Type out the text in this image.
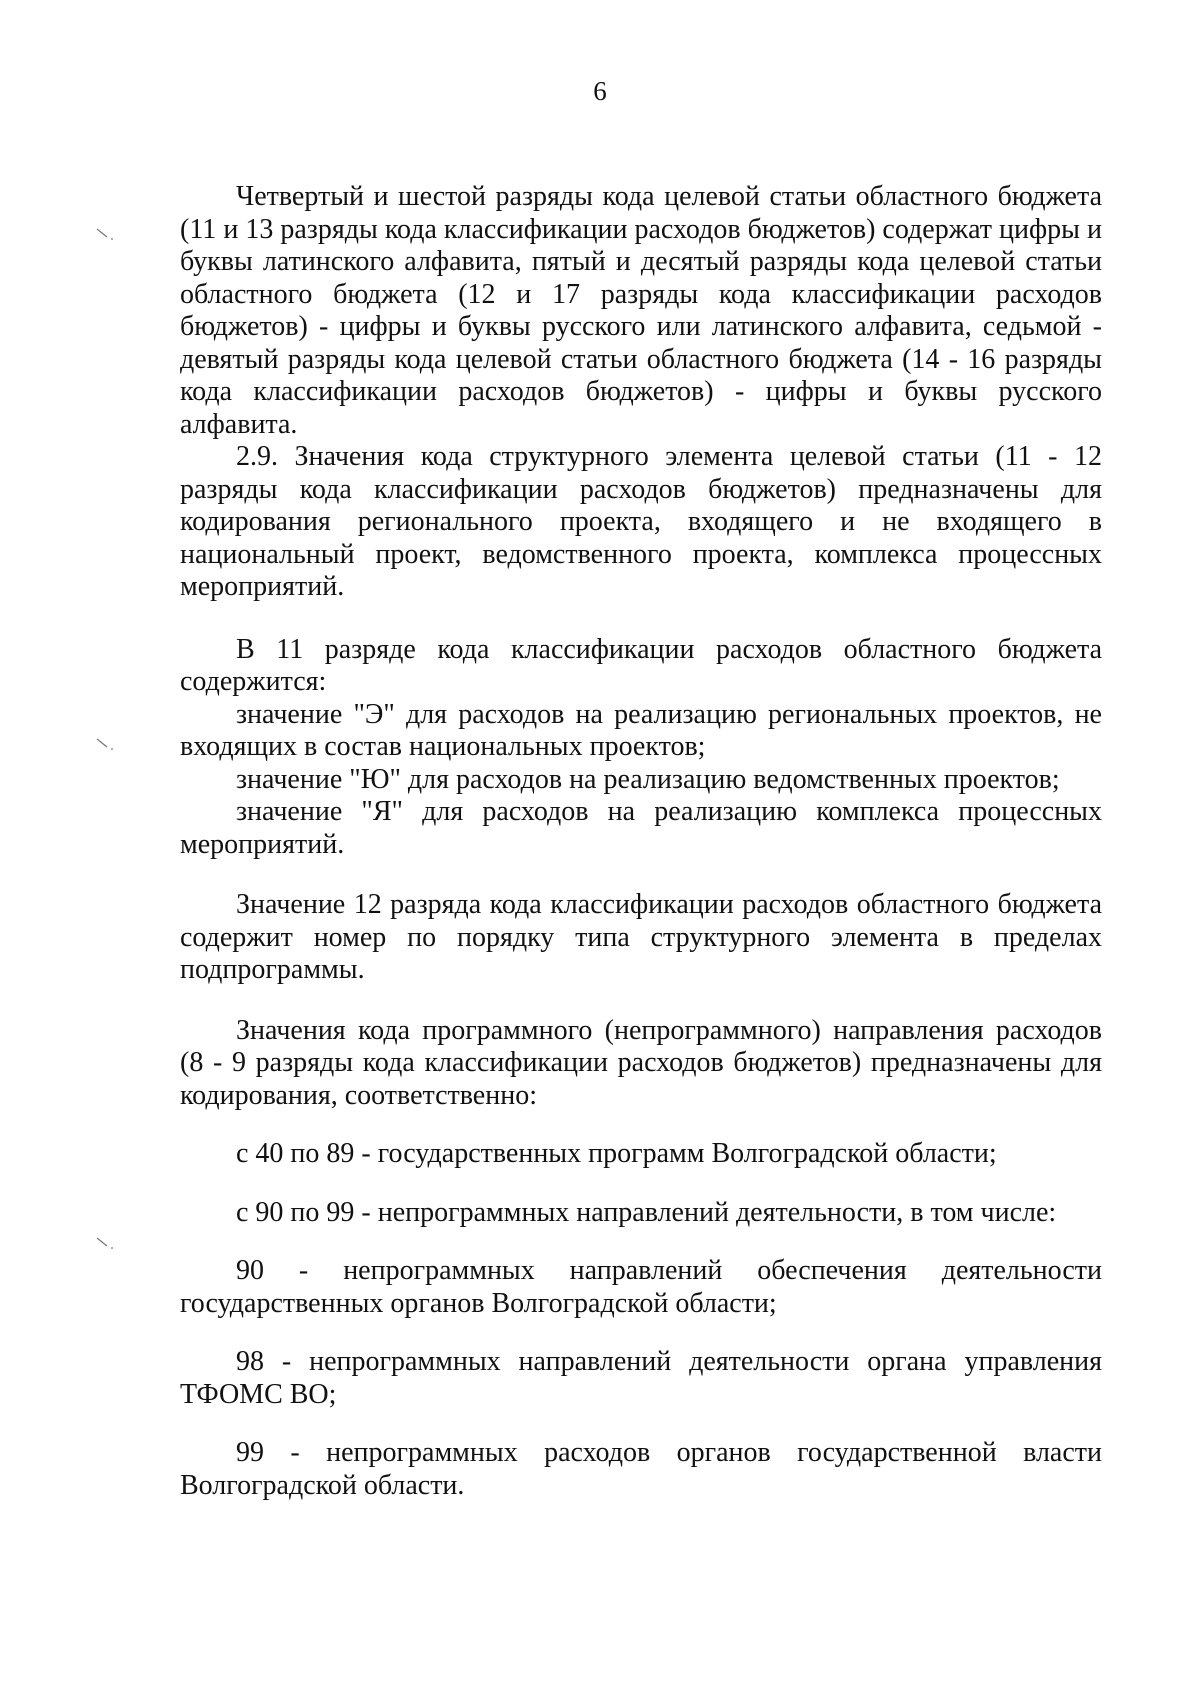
6

Четвертый и шестой разряды кода целевой статьи областного бюджета (11 и 13 разряды кода классификации расходов бюджетов) содержат цифры и буквы латинского алфавита, пятый и десятый разряды кода целевой статьи областного бюджета (12 и 17 разряды кода классификации расходов бюджетов) - цифры и буквы русского или латинского алфавита, седьмой - девятый разряды кода целевой статьи областного бюджета (14 - 16 разряды кода классификации расходов бюджетов) - цифры и буквы русского алфавита.

2.9. Значения кода структурного элемента целевой статьи (11 - 12 разряды кода классификации расходов бюджетов) предназначены для кодирования регионального проекта, входящего и не входящего в национальный проект, ведомственного проекта, комплекса процессных мероприятий.

В 11 разряде кода классификации расходов областного бюджета содержится:

значение "Э" для расходов на реализацию региональных проектов, не входящих в состав национальных проектов;

значение "Ю" для расходов на реализацию ведомственных проектов;

значение "Я" для расходов на реализацию комплекса процессных мероприятий.

Значение 12 разряда кода классификации расходов областного бюджета содержит номер по порядку типа структурного элемента в пределах подпрограммы.

Значения кода программного (непрограммного) направления расходов (8 - 9 разряды кода классификации расходов бюджетов) предназначены для кодирования, соответственно:

с 40 по 89 - государственных программ Волгоградской области;

с 90 по 99 - непрограммных направлений деятельности, в том числе:

90 - непрограммных направлений обеспечения деятельности государственных органов Волгоградской области;

98 - непрограммных направлений деятельности органа управления ТФОМС ВО;

99 - непрограммных расходов органов государственной власти Волгоградской области.
